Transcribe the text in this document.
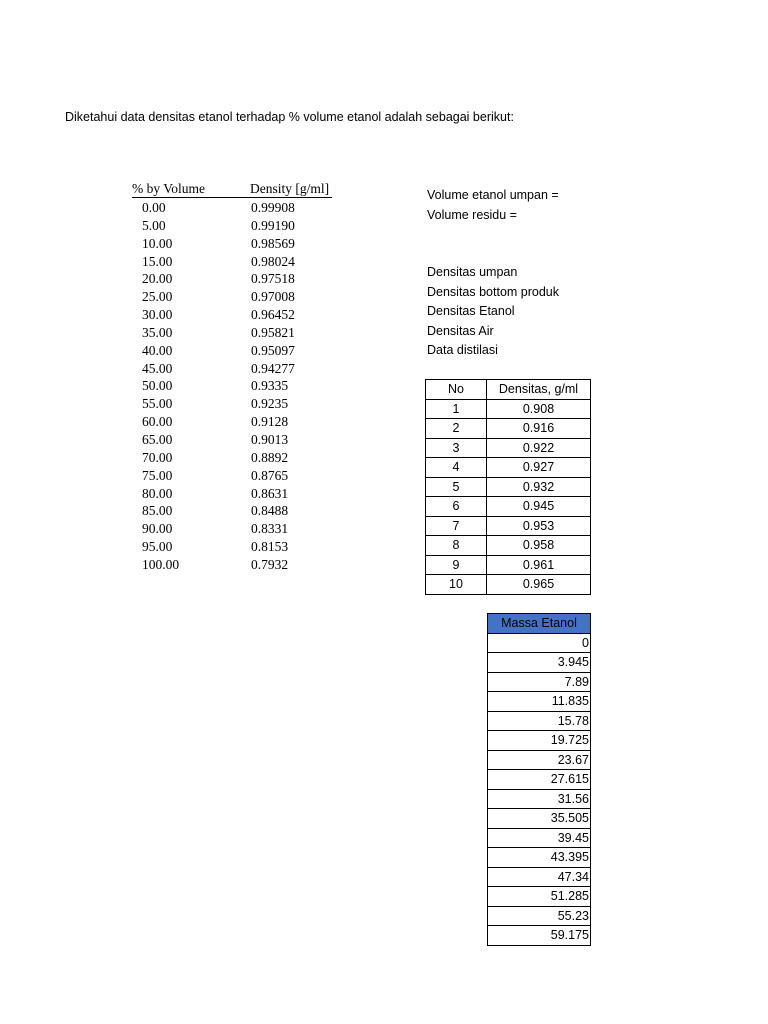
Diketahui data densitas etanol terhadap % volume etanol adalah sebagai berikut:
% by Volume	Density [g/ml]
0.00	0.99908
5.00	0.99190
10.00	0.98569
15.00	0.98024
20.00	0.97518
25.00	0.97008
30.00	0.96452
35.00	0.95821
40.00	0.95097
45.00	0.94277
50.00	0.9335
55.00	0.9235
60.00	0.9128
65.00	0.9013
70.00	0.8892
75.00	0.8765
80.00	0.8631
85.00	0.8488
90.00	0.8331
95.00	0.8153
100.00	0.7932
Volume etanol umpan =
Volume residu =
Densitas umpan
Densitas bottom produk
Densitas Etanol
Densitas Air
Data distilasi
No	Densitas, g/ml
1	0.908
2	0.916
3	0.922
4	0.927
5	0.932
6	0.945
7	0.953
8	0.958
9	0.961
10	0.965
Massa Etanol
0
3.945
7.89
11.835
15.78
19.725
23.67
27.615
31.56
35.505
39.45
43.395
47.34
51.285
55.23
59.175
